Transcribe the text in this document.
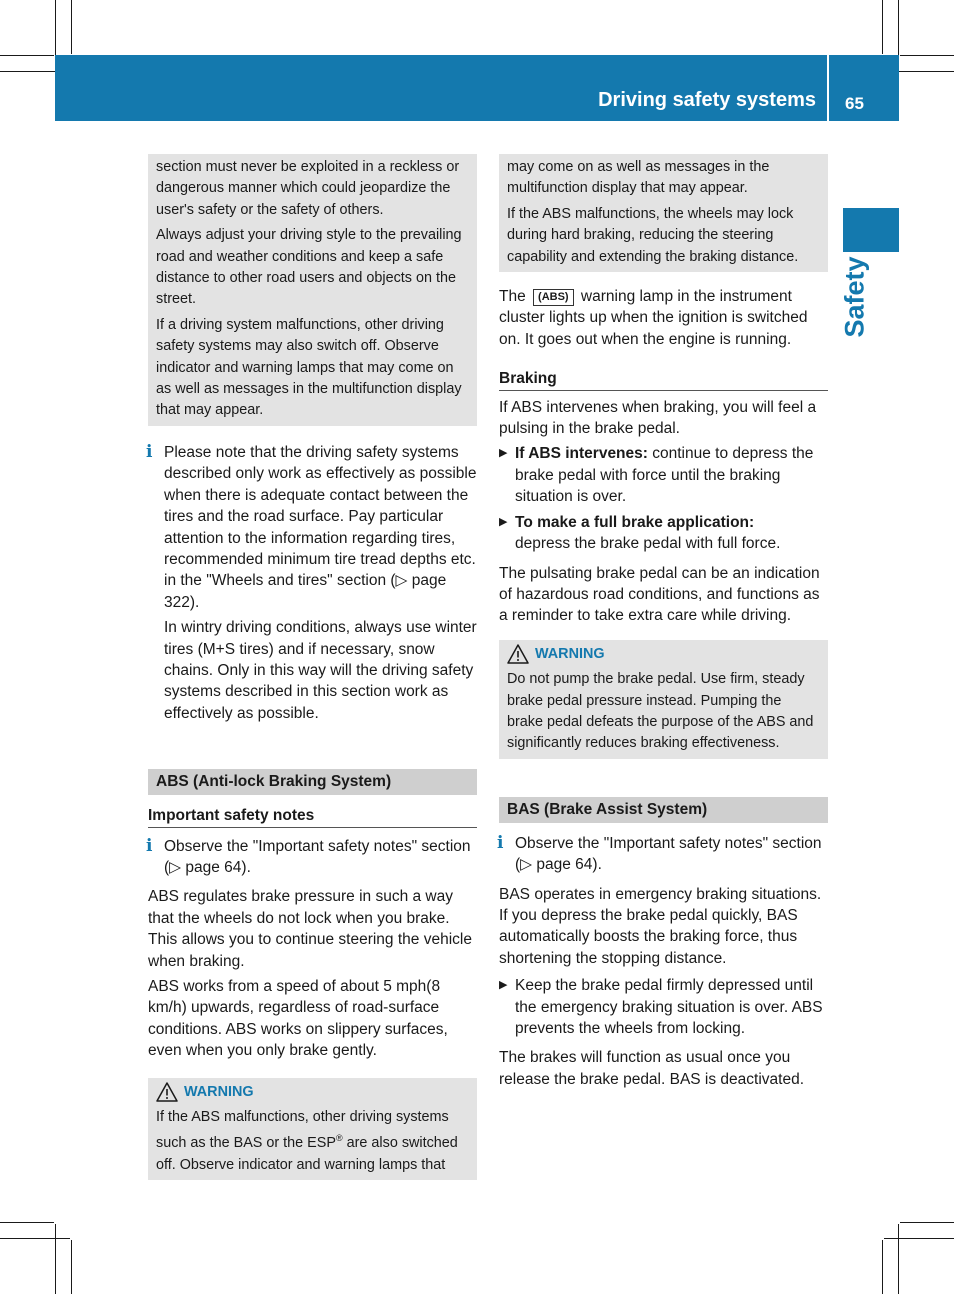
Driving safety systems 65
Safety

section must never be exploited in a reckless or dangerous manner which could jeopardize the user's safety or the safety of others.

Always adjust your driving style to the prevailing road and weather conditions and keep a safe distance to other road users and objects on the street.

If a driving system malfunctions, other driving safety systems may also switch off. Observe indicator and warning lamps that may come on as well as messages in the multifunction display that may appear.

i Please note that the driving safety systems described only work as effectively as possible when there is adequate contact between the tires and the road surface. Pay particular attention to the information regarding tires, recommended minimum tire tread depths etc. in the "Wheels and tires" section (▷ page 322).

In wintry driving conditions, always use winter tires (M+S tires) and if necessary, snow chains. Only in this way will the driving safety systems described in this section work as effectively as possible.

ABS (Anti-lock Braking System)
Important safety notes
i Observe the "Important safety notes" section (▷ page 64).

ABS regulates brake pressure in such a way that the wheels do not lock when you brake. This allows you to continue steering the vehicle when braking.

ABS works from a speed of about 5 mph(8 km/h) upwards, regardless of road-surface conditions. ABS works on slippery surfaces, even when you only brake gently.

WARNING
If the ABS malfunctions, other driving systems such as the BAS or the ESP® are also switched off. Observe indicator and warning lamps that

may come on as well as messages in the multifunction display that may appear.

If the ABS malfunctions, the wheels may lock during hard braking, reducing the steering capability and extending the braking distance.

The (ABS) warning lamp in the instrument cluster lights up when the ignition is switched on. It goes out when the engine is running.

Braking

If ABS intervenes when braking, you will feel a pulsing in the brake pedal.

▶ If ABS intervenes: continue to depress the brake pedal with force until the braking situation is over.
▶ To make a full brake application:
depress the brake pedal with full force.

The pulsating brake pedal can be an indication of hazardous road conditions, and functions as a reminder to take extra care while driving.

WARNING
Do not pump the brake pedal. Use firm, steady brake pedal pressure instead. Pumping the brake pedal defeats the purpose of the ABS and significantly reduces braking effectiveness.
BAS (Brake Assist System)
i Observe the "Important safety notes" section (▷ page 64).

BAS operates in emergency braking situations. If you depress the brake pedal quickly, BAS automatically boosts the braking force, thus shortening the stopping distance.

▶ Keep the brake pedal firmly depressed until the emergency braking situation is over. ABS prevents the wheels from locking.

The brakes will function as usual once you release the brake pedal. BAS is deactivated.
